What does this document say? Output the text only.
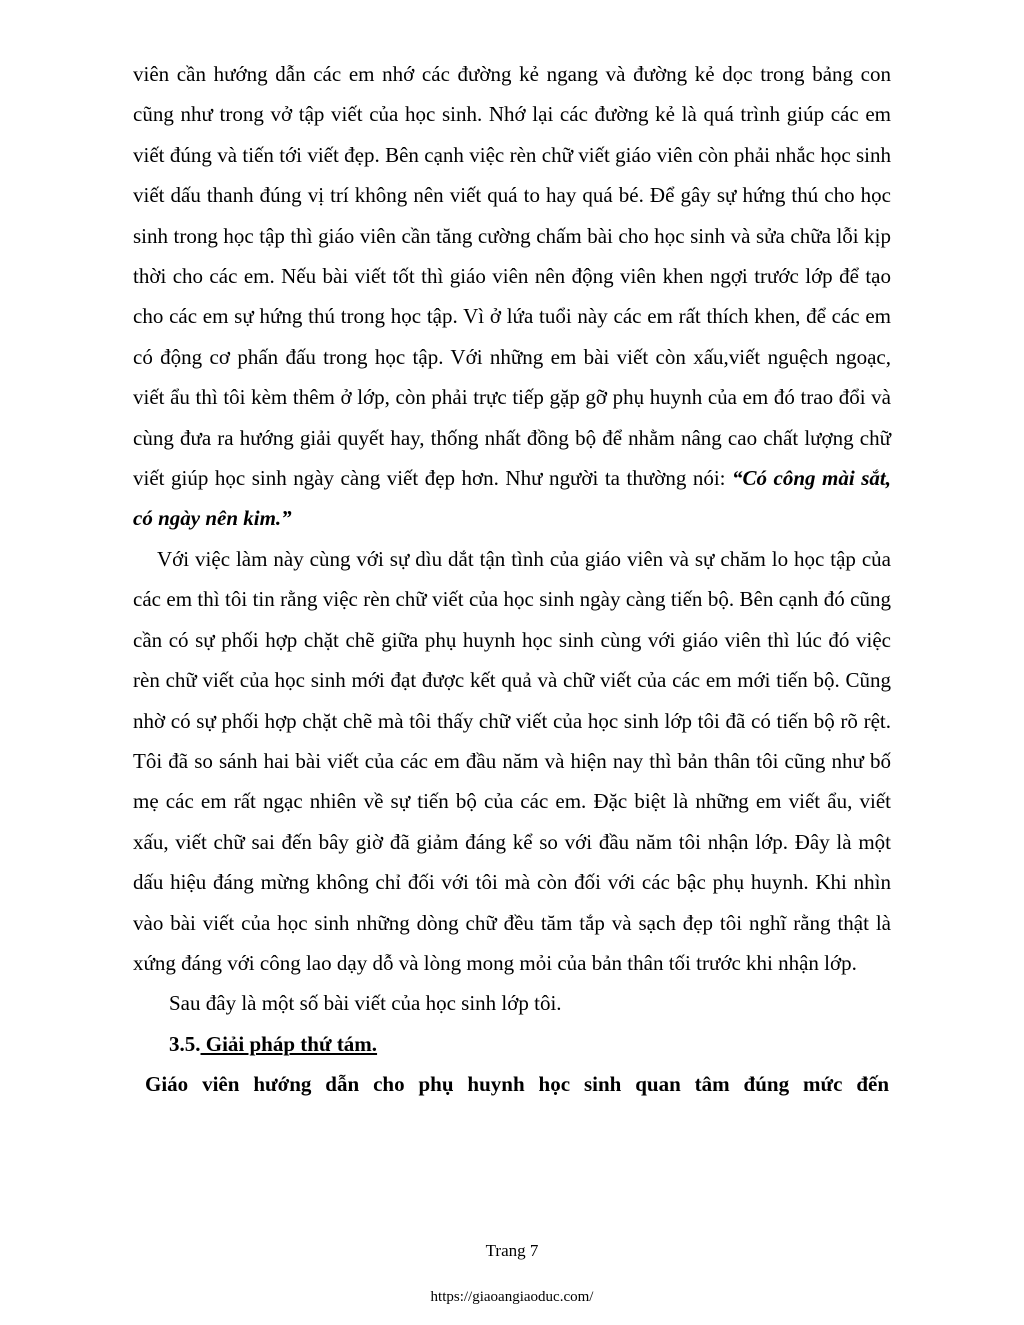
viên cần hướng dẫn các em nhớ các đường kẻ ngang và đường kẻ dọc trong bảng con cũng như trong vở tập viết của học sinh. Nhớ lại các đường kẻ là quá trình giúp các em viết đúng và tiến tới viết đẹp. Bên cạnh việc rèn chữ viết giáo viên còn phải nhắc học sinh viết dấu thanh đúng vị trí không nên viết quá to hay quá bé. Để gây sự hứng thú cho học sinh trong học tập thì giáo viên cần tăng cường chấm bài cho học sinh và sửa chữa lỗi kịp thời cho các em. Nếu bài viết tốt thì giáo viên nên động viên khen ngợi trước lớp để tạo cho các em sự hứng thú trong học tập. Vì ở lứa tuổi này các em rất thích khen, để các em có động cơ phấn đấu trong học tập. Với những em bài viết còn xấu,viết nguệch ngoạc, viết ẩu thì tôi kèm thêm ở lớp, còn phải trực tiếp gặp gỡ phụ huynh của em đó trao đổi và cùng đưa ra hướng giải quyết hay, thống nhất đồng bộ để nhằm nâng cao chất lượng chữ viết giúp học sinh ngày càng viết đẹp hơn. Như người ta thường nói: “Có công mài sắt, có ngày nên kim.”

Với việc làm này cùng với sự dìu dắt tận tình của giáo viên và sự chăm lo học tập của các em thì tôi tin rằng việc rèn chữ viết của học sinh ngày càng tiến bộ. Bên cạnh đó cũng cần có sự phối hợp chặt chẽ giữa phụ huynh học sinh cùng với giáo viên thì lúc đó việc rèn chữ viết của học sinh mới đạt được kết quả và chữ viết của các em mới tiến bộ. Cũng nhờ có sự phối hợp chặt chẽ mà tôi thấy chữ viết của học sinh lớp tôi đã có tiến bộ rõ rệt. Tôi đã so sánh hai bài viết của các em đầu năm và hiện nay thì bản thân tôi cũng như bố mẹ các em rất ngạc nhiên về sự tiến bộ của các em. Đặc biệt là những em viết ẩu, viết xấu, viết chữ sai đến bây giờ đã giảm đáng kể so với đầu năm tôi nhận lớp. Đây là một dấu hiệu đáng mừng không chỉ đối với tôi mà còn đối với các bậc phụ huynh. Khi nhìn vào bài viết của học sinh những dòng chữ đều tăm tắp và sạch đẹp tôi nghĩ rằng thật là xứng đáng với công lao dạy dỗ và lòng mong mỏi của bản thân tối trước khi nhận lớp.

Sau đây là một số bài viết của học sinh lớp tôi.

3.5. Giải pháp thứ tám.

Giáo viên hướng dẫn cho phụ huynh học sinh quan tâm đúng mức đến

Trang 7
https://giaoangiaoduc.com/
